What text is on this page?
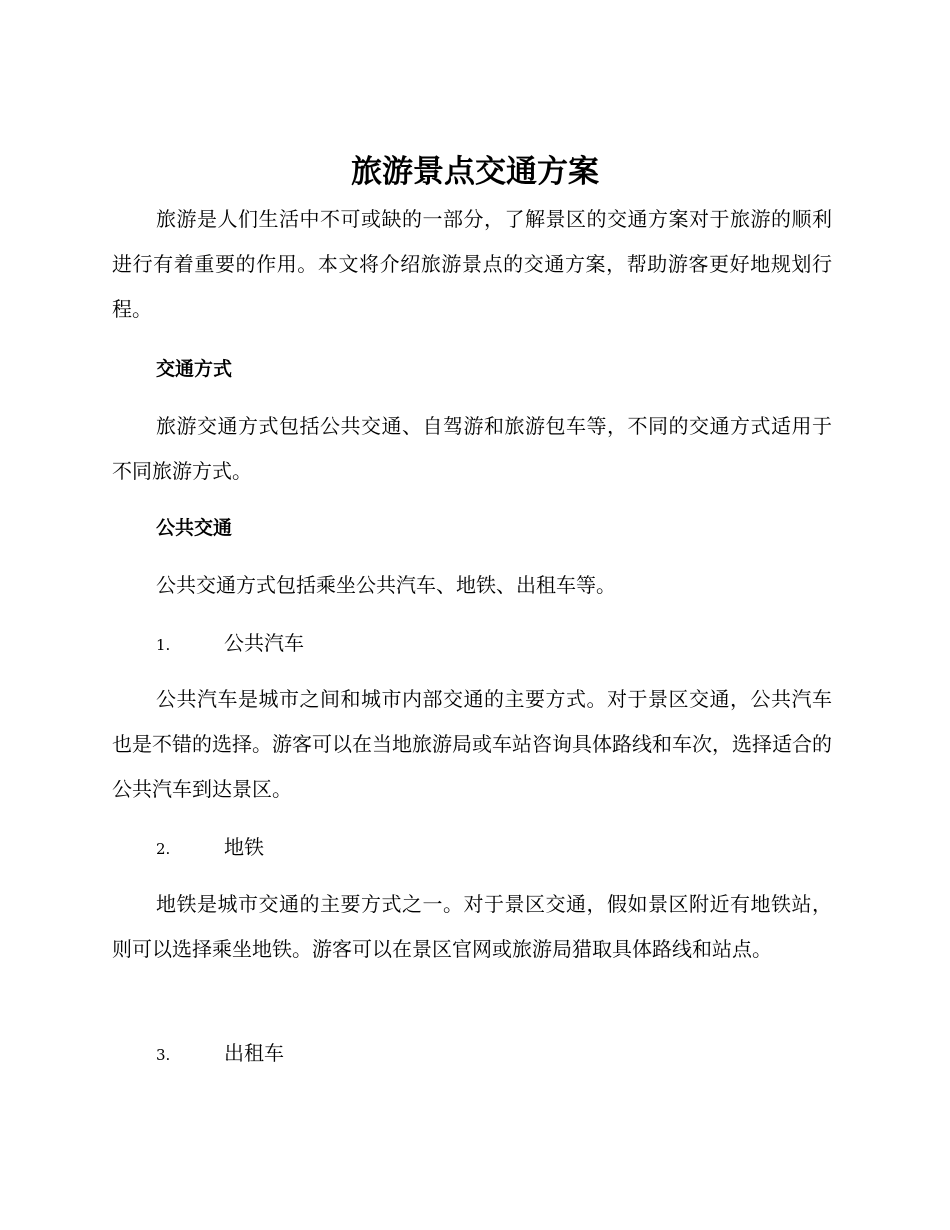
旅游景点交通方案

旅游是人们生活中不可或缺的一部分，了解景区的交通方案对于旅游的顺利进行有着重要的作用。本文将介绍旅游景点的交通方案，帮助游客更好地规划行程。

交通方式

旅游交通方式包括公共交通、自驾游和旅游包车等，不同的交通方式适用于不同旅游方式。

公共交通

公共交通方式包括乘坐公共汽车、地铁、出租车等。

1.	公共汽车

公共汽车是城市之间和城市内部交通的主要方式。对于景区交通，公共汽车也是不错的选择。游客可以在当地旅游局或车站咨询具体路线和车次，选择适合的公共汽车到达景区。

2.	地铁

地铁是城市交通的主要方式之一。对于景区交通，假如景区附近有地铁站，则可以选择乘坐地铁。游客可以在景区官网或旅游局猎取具体路线和站点。

3.	出租车
